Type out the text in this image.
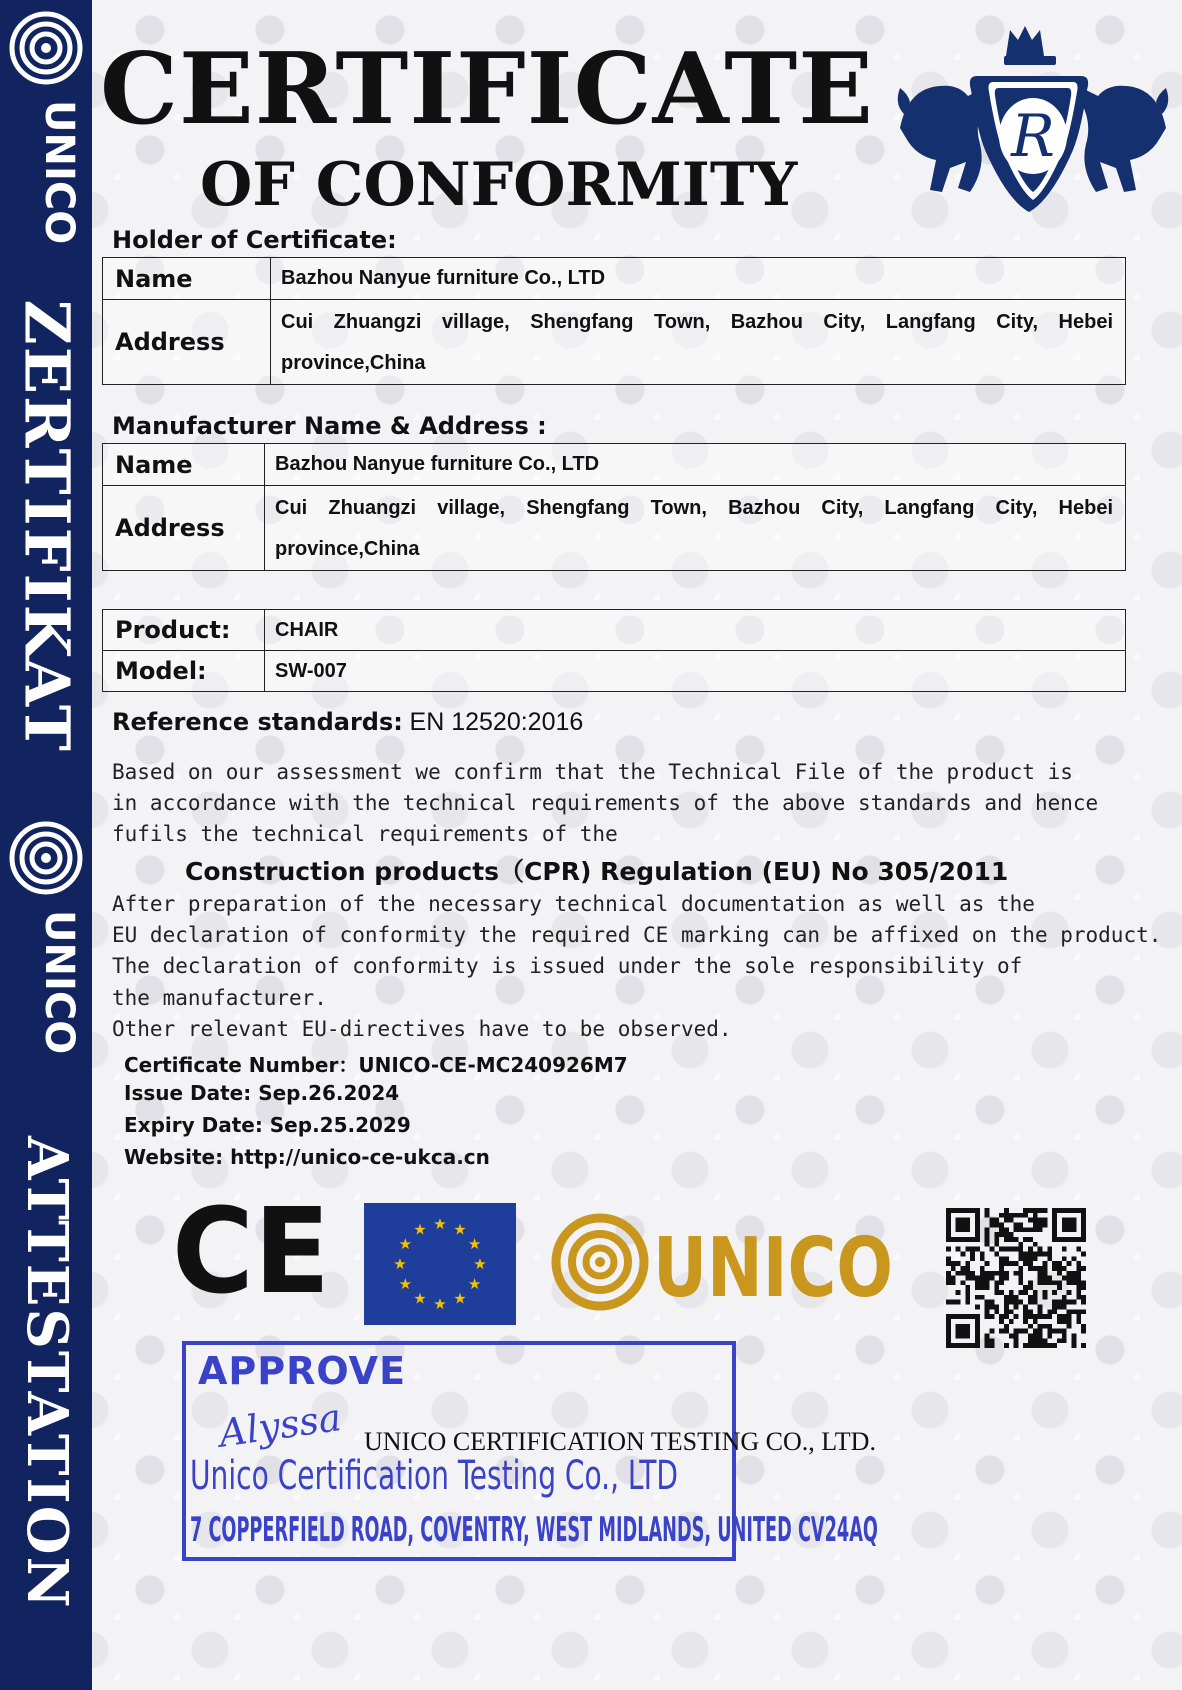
UNICO
ZERTIFIKAT
UNICO
ATTESTATION
CERTIFICATE
OF CONFORMITY
R
Holder of Certificate:
Name	Bazhou Nanyue furniture Co., LTD
Address	Cui Zhuangzi village, Shengfang Town, Bazhou City, Langfang City, Hebei province,China
Manufacturer Name & Address :
Name	Bazhou Nanyue furniture Co., LTD
Address	Cui Zhuangzi village, Shengfang Town, Bazhou City, Langfang City, Hebei province,China
Product:	CHAIR
Model:	SW-007
Reference standards: EN 12520:2016
Based on our assessment we confirm that the Technical File of the product is
in accordance with the technical requirements of the above standards and hence
fufils the technical requirements of the
Construction products（CPR) Regulation (EU) No 305/2011
After preparation of the necessary technical documentation as well as the
EU declaration of conformity the required CE marking can be affixed on the product.
The declaration of conformity is issued under the sole responsibility of
the manufacturer.
Other relevant EU-directives have to be observed.
Certificate Number：UNICO-CE-MC240926M7
Issue Date: Sep.26.2024
Expiry Date: Sep.25.2029
Website: http://unico-ce-ukca.cn
CE	★ ★
★
★
★
★
★
★
★
★
★
★	UNICO
APPROVE
Alyssa
Unico Certification Testing Co., LTD
7 COPPERFIELD ROAD, COVENTRY, WEST MIDLANDS, UNITED CV24AQ
UNICO CERTIFICATION TESTING CO., LTD.
